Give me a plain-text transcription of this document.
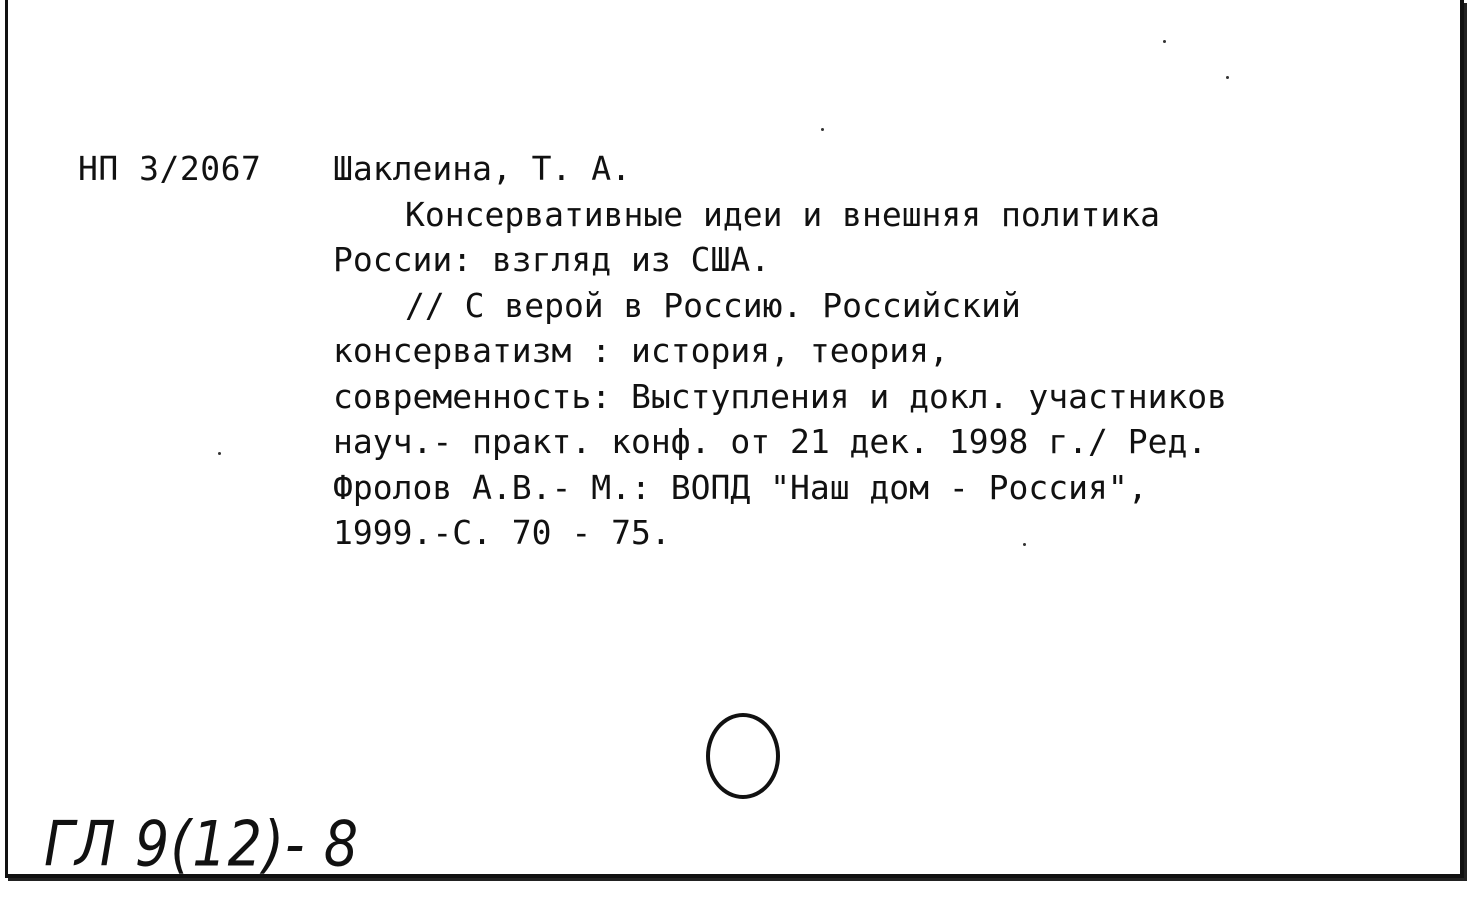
НП 3/2067 Шаклеина, Т. А.
Консервативные идеи и внешняя политика
России: взгляд из США.
// С верой в Россию. Российский
консерватизм : история, теория,
современность: Выступления и докл. участников
науч.- практ. конф. от 21 дек. 1998 г./ Ред.
Фролов А.В.- М.: ВОПД "Наш дом - Россия",
1999.-С. 70 - 75.
ГЛ 9(12)- 8
